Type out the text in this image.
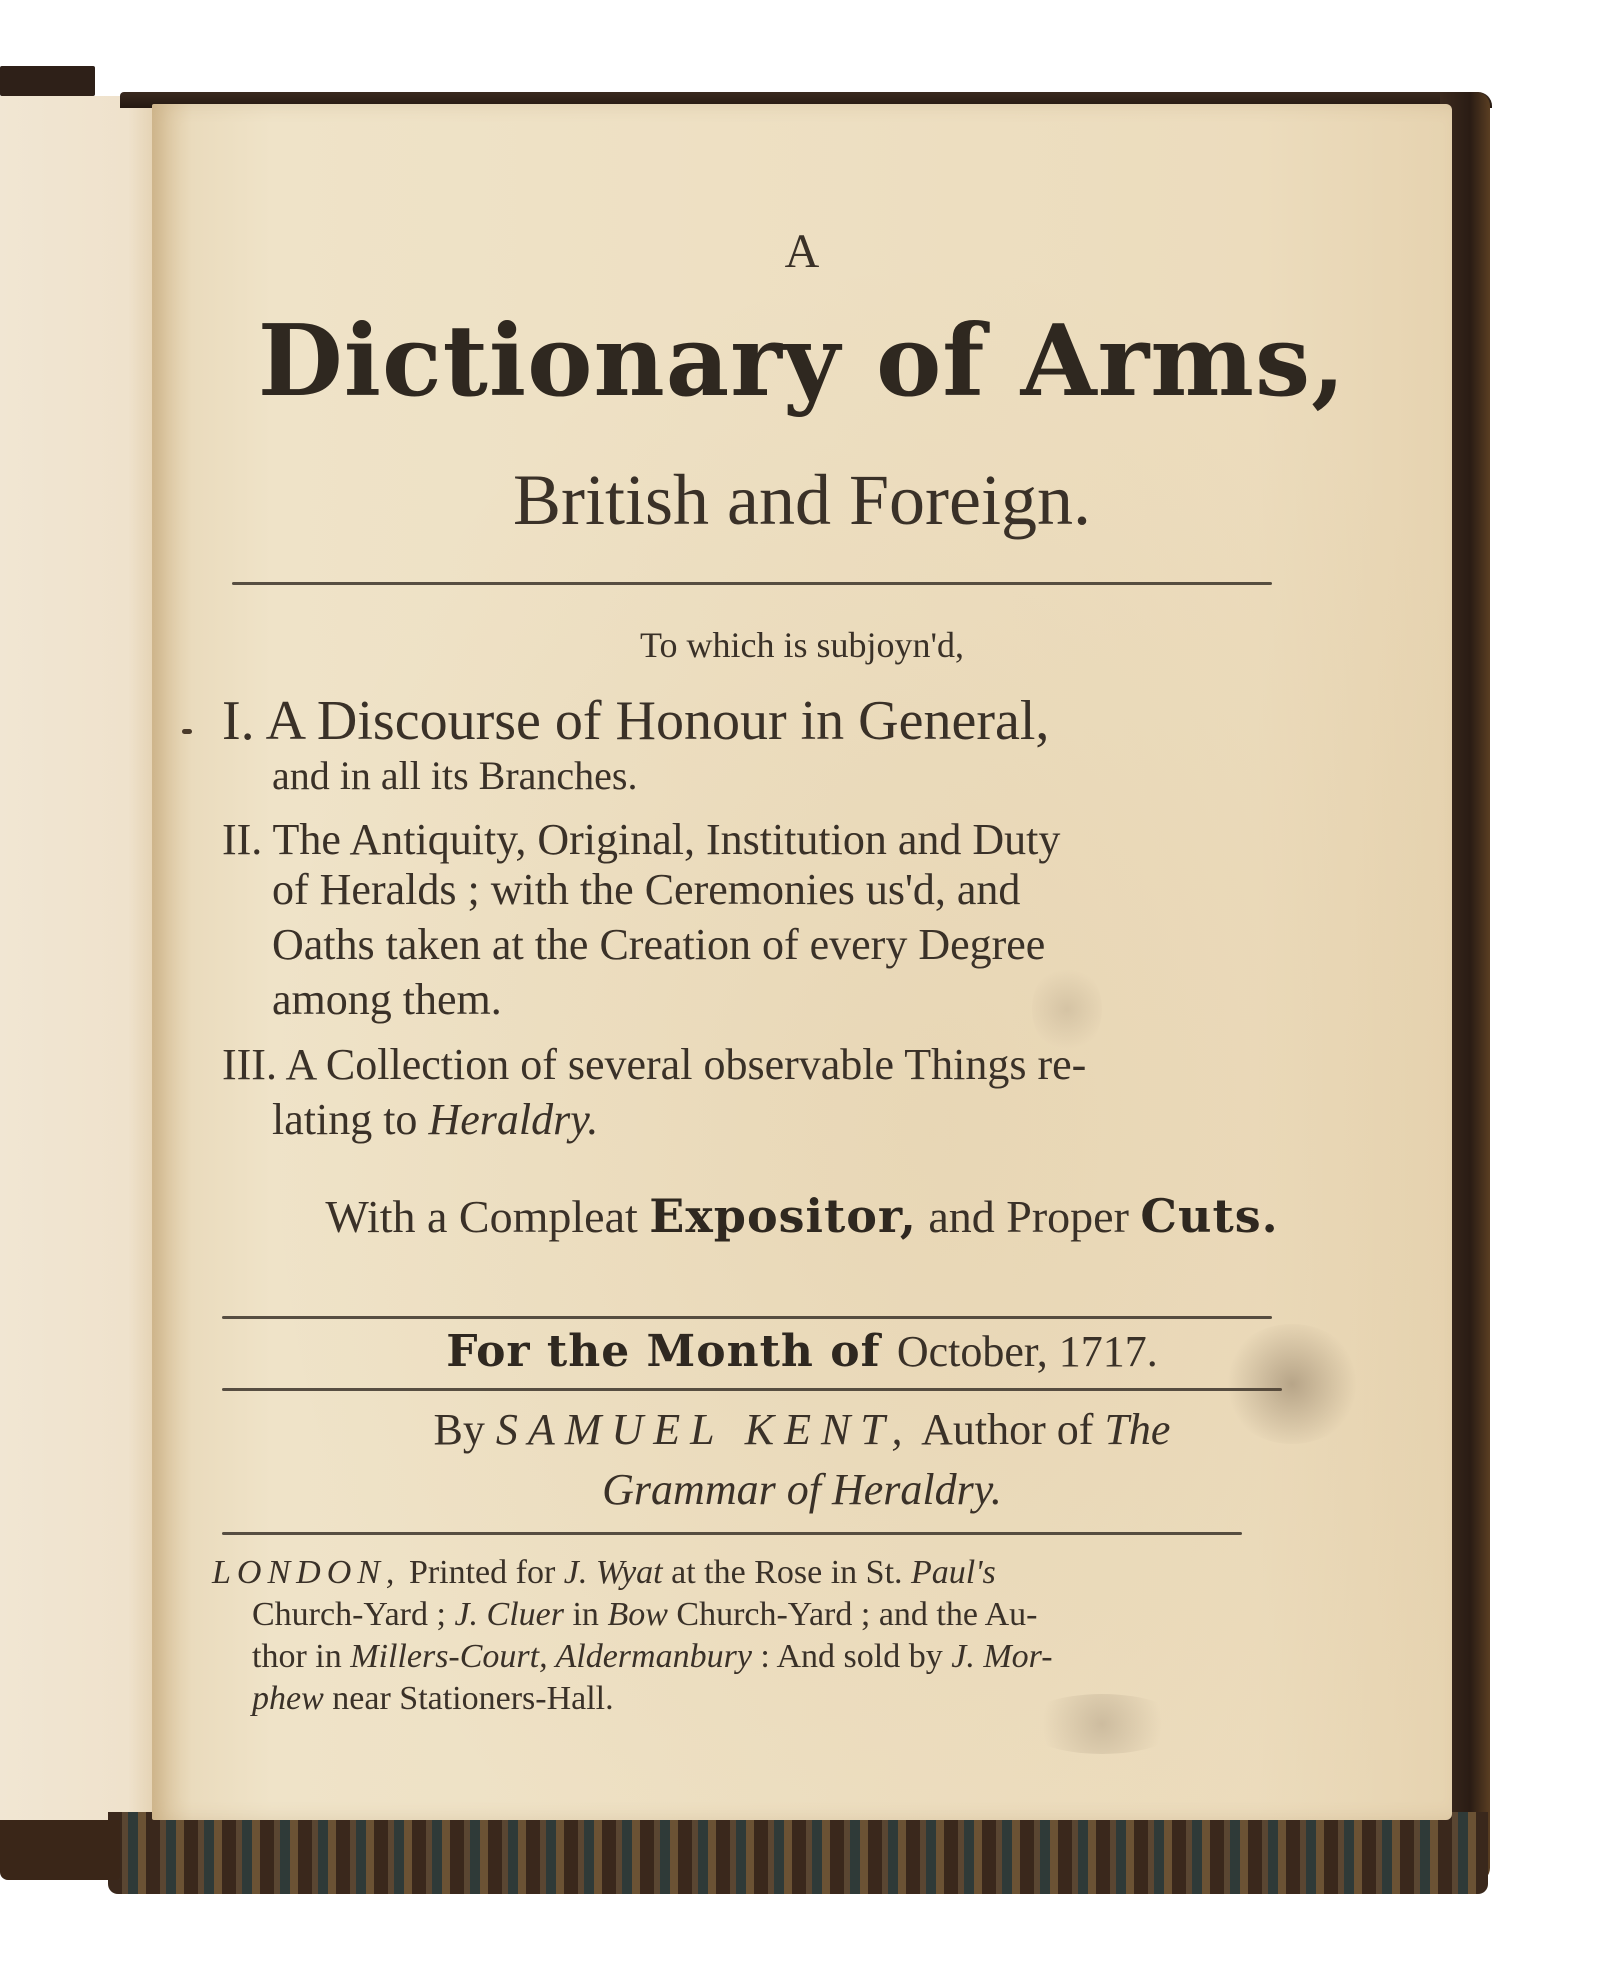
A
Dictionary of Arms,
British and Foreign.
To which is subjoyn'd,
I. A Discourse of Honour in General,
and in all its Branches.
II. The Antiquity, Original, Institution and Duty
of Heralds ; with the Ceremonies us'd, and
Oaths taken at the Creation of every Degree
among them.
III. A Collection of several observable Things re-
lating to Heraldry.
With a Compleat Expositor, and Proper Cuts.
For the Month of October, 1717.
By SAMUEL KENT, Author of The
Grammar of Heraldry.
LONDON, Printed for J. Wyat at the Rose in St. Paul's
Church-Yard ; J. Cluer in Bow Church-Yard ; and the Au-
thor in Millers-Court, Aldermanbury : And sold by J. Mor-
phew near Stationers-Hall.
